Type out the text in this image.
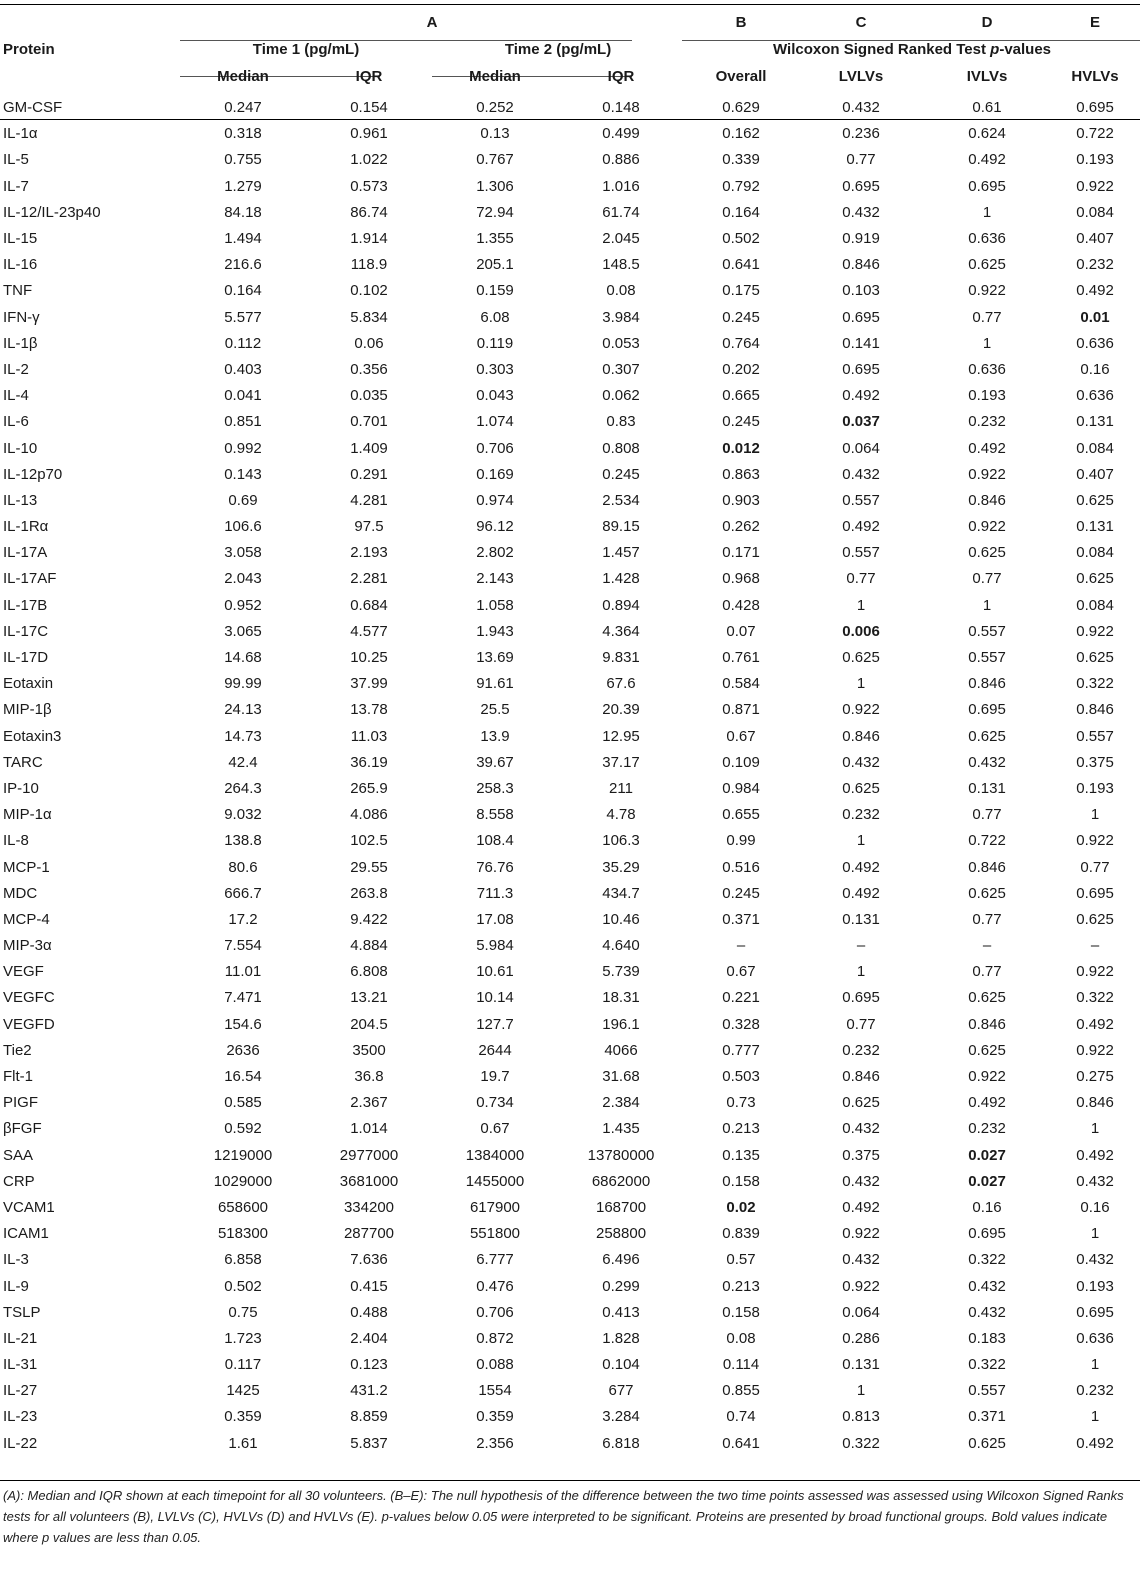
	A				B	C	D	E
Protein	Time 1 (pg/mL)		Time 2 (pg/mL)		Wilcoxon Signed Ranked Test p-values			
	Median	IQR	Median	IQR	Overall	LVLVs	IVLVs	HVLVs
GM-CSF	0.247	0.154	0.252	0.148	0.629	0.432	0.61	0.695
IL-1α	0.318	0.961	0.13	0.499	0.162	0.236	0.624	0.722
IL-5	0.755	1.022	0.767	0.886	0.339	0.77	0.492	0.193
IL-7	1.279	0.573	1.306	1.016	0.792	0.695	0.695	0.922
IL-12/IL-23p40	84.18	86.74	72.94	61.74	0.164	0.432	1	0.084
IL-15	1.494	1.914	1.355	2.045	0.502	0.919	0.636	0.407
IL-16	216.6	118.9	205.1	148.5	0.641	0.846	0.625	0.232
TNF	0.164	0.102	0.159	0.08	0.175	0.103	0.922	0.492
IFN-γ	5.577	5.834	6.08	3.984	0.245	0.695	0.77	0.01
IL-1β	0.112	0.06	0.119	0.053	0.764	0.141	1	0.636
IL-2	0.403	0.356	0.303	0.307	0.202	0.695	0.636	0.16
IL-4	0.041	0.035	0.043	0.062	0.665	0.492	0.193	0.636
IL-6	0.851	0.701	1.074	0.83	0.245	0.037	0.232	0.131
IL-10	0.992	1.409	0.706	0.808	0.012	0.064	0.492	0.084
IL-12p70	0.143	0.291	0.169	0.245	0.863	0.432	0.922	0.407
IL-13	0.69	4.281	0.974	2.534	0.903	0.557	0.846	0.625
IL-1Rα	106.6	97.5	96.12	89.15	0.262	0.492	0.922	0.131
IL-17A	3.058	2.193	2.802	1.457	0.171	0.557	0.625	0.084
IL-17AF	2.043	2.281	2.143	1.428	0.968	0.77	0.77	0.625
IL-17B	0.952	0.684	1.058	0.894	0.428	1	1	0.084
IL-17C	3.065	4.577	1.943	4.364	0.07	0.006	0.557	0.922
IL-17D	14.68	10.25	13.69	9.831	0.761	0.625	0.557	0.625
Eotaxin	99.99	37.99	91.61	67.6	0.584	1	0.846	0.322
MIP-1β	24.13	13.78	25.5	20.39	0.871	0.922	0.695	0.846
Eotaxin3	14.73	11.03	13.9	12.95	0.67	0.846	0.625	0.557
TARC	42.4	36.19	39.67	37.17	0.109	0.432	0.432	0.375
IP-10	264.3	265.9	258.3	211	0.984	0.625	0.131	0.193
MIP-1α	9.032	4.086	8.558	4.78	0.655	0.232	0.77	1
IL-8	138.8	102.5	108.4	106.3	0.99	1	0.722	0.922
MCP-1	80.6	29.55	76.76	35.29	0.516	0.492	0.846	0.77
MDC	666.7	263.8	711.3	434.7	0.245	0.492	0.625	0.695
MCP-4	17.2	9.422	17.08	10.46	0.371	0.131	0.77	0.625
MIP-3α	7.554	4.884	5.984	4.640	–	–	–	–
VEGF	11.01	6.808	10.61	5.739	0.67	1	0.77	0.922
VEGFC	7.471	13.21	10.14	18.31	0.221	0.695	0.625	0.322
VEGFD	154.6	204.5	127.7	196.1	0.328	0.77	0.846	0.492
Tie2	2636	3500	2644	4066	0.777	0.232	0.625	0.922
Flt-1	16.54	36.8	19.7	31.68	0.503	0.846	0.922	0.275
PIGF	0.585	2.367	0.734	2.384	0.73	0.625	0.492	0.846
βFGF	0.592	1.014	0.67	1.435	0.213	0.432	0.232	1
SAA	1219000	2977000	1384000	13780000	0.135	0.375	0.027	0.492
CRP	1029000	3681000	1455000	6862000	0.158	0.432	0.027	0.432
VCAM1	658600	334200	617900	168700	0.02	0.492	0.16	0.16
ICAM1	518300	287700	551800	258800	0.839	0.922	0.695	1
IL-3	6.858	7.636	6.777	6.496	0.57	0.432	0.322	0.432
IL-9	0.502	0.415	0.476	0.299	0.213	0.922	0.432	0.193
TSLP	0.75	0.488	0.706	0.413	0.158	0.064	0.432	0.695
IL-21	1.723	2.404	0.872	1.828	0.08	0.286	0.183	0.636
IL-31	0.117	0.123	0.088	0.104	0.114	0.131	0.322	1
IL-27	1425	431.2	1554	677	0.855	1	0.557	0.232
IL-23	0.359	8.859	0.359	3.284	0.74	0.813	0.371	1
IL-22	1.61	5.837	2.356	6.818	0.641	0.322	0.625	0.492
(A): Median and IQR shown at each timepoint for all 30 volunteers. (B–E): The null hypothesis of the difference between the two time points assessed was assessed using Wilcoxon Signed Ranks tests for all volunteers (B), LVLVs (C), HVLVs (D) and HVLVs (E). p-values below 0.05 were interpreted to be significant. Proteins are presented by broad functional groups. Bold values indicate where p values are less than 0.05.
